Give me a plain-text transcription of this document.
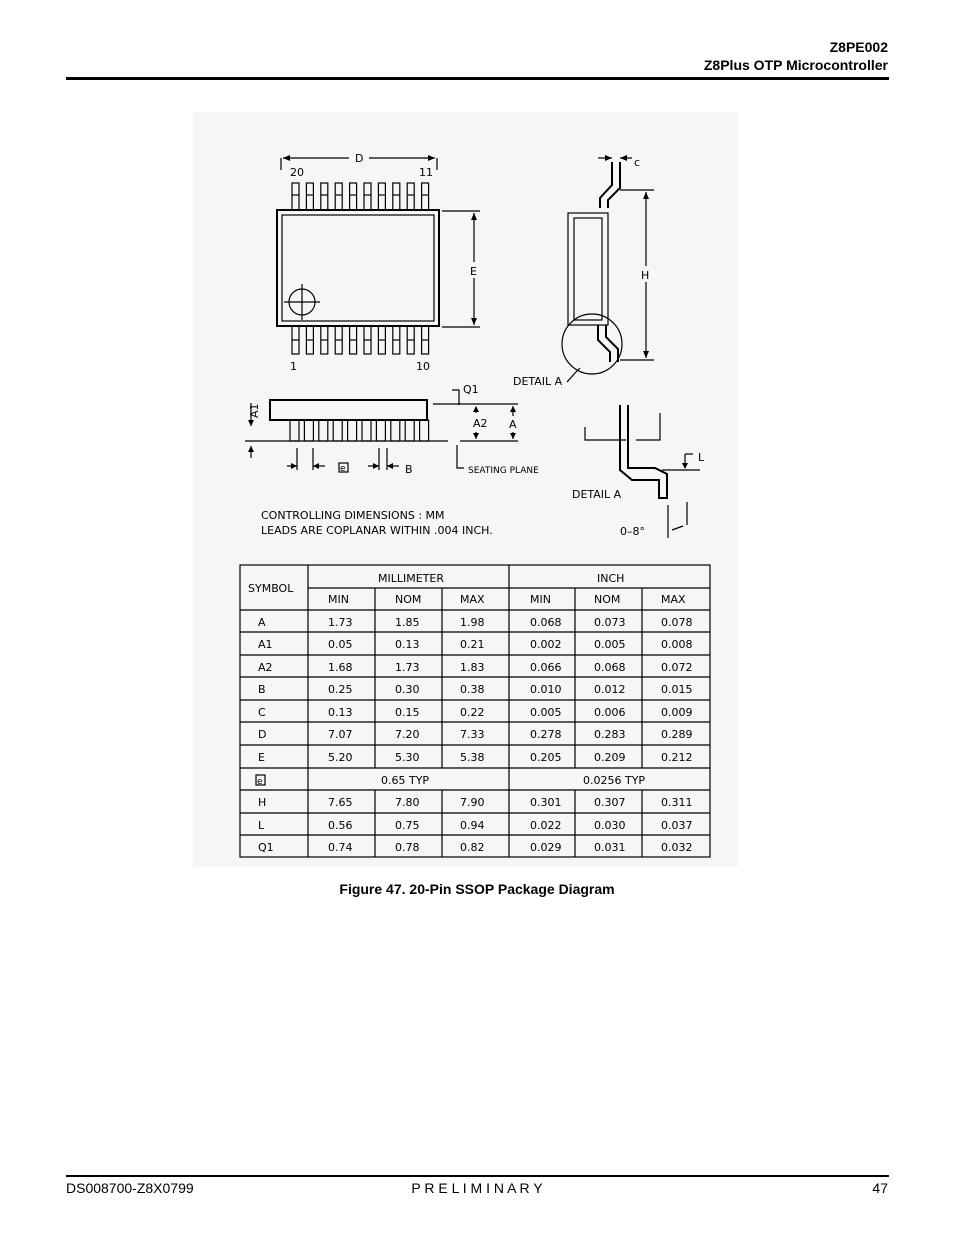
Z8PE002
Z8Plus OTP Microcontroller
D
20	11
1	10
E
c
H
DETAIL A
Q1
A1
A2 A
e	B	SEATING PLANE
L
DETAIL A
0–8°
CONTROLLING DIMENSIONS : MM
LEADS ARE COPLANAR WITHIN .004 INCH.
SYMBOL
MILLIMETER	INCH
MIN	NOM	MAX	MIN	NOM	MAX
A	1.73	1.85	1.98	0.068	0.073	0.078
A1	0.05	0.13	0.21	0.002	0.005	0.008
A2	1.68	1.73	1.83	0.066	0.068	0.072
B	0.25	0.30	0.38	0.010	0.012	0.015
C	0.13	0.15	0.22	0.005	0.006	0.009
D	7.07	7.20	7.33	0.278	0.283	0.289
E	5.20	5.30	5.38	0.205	0.209	0.212
e	0.65 TYP	0.0256 TYP
H	7.65	7.80	7.90	0.301	0.307	0.311
L	0.56	0.75	0.94	0.022	0.030	0.037
Q1	0.74	0.78	0.82	0.029	0.031	0.032
Figure 47. 20-Pin SSOP Package Diagram
DS008700-Z8X0799	P R E L I M I N A R Y	47
